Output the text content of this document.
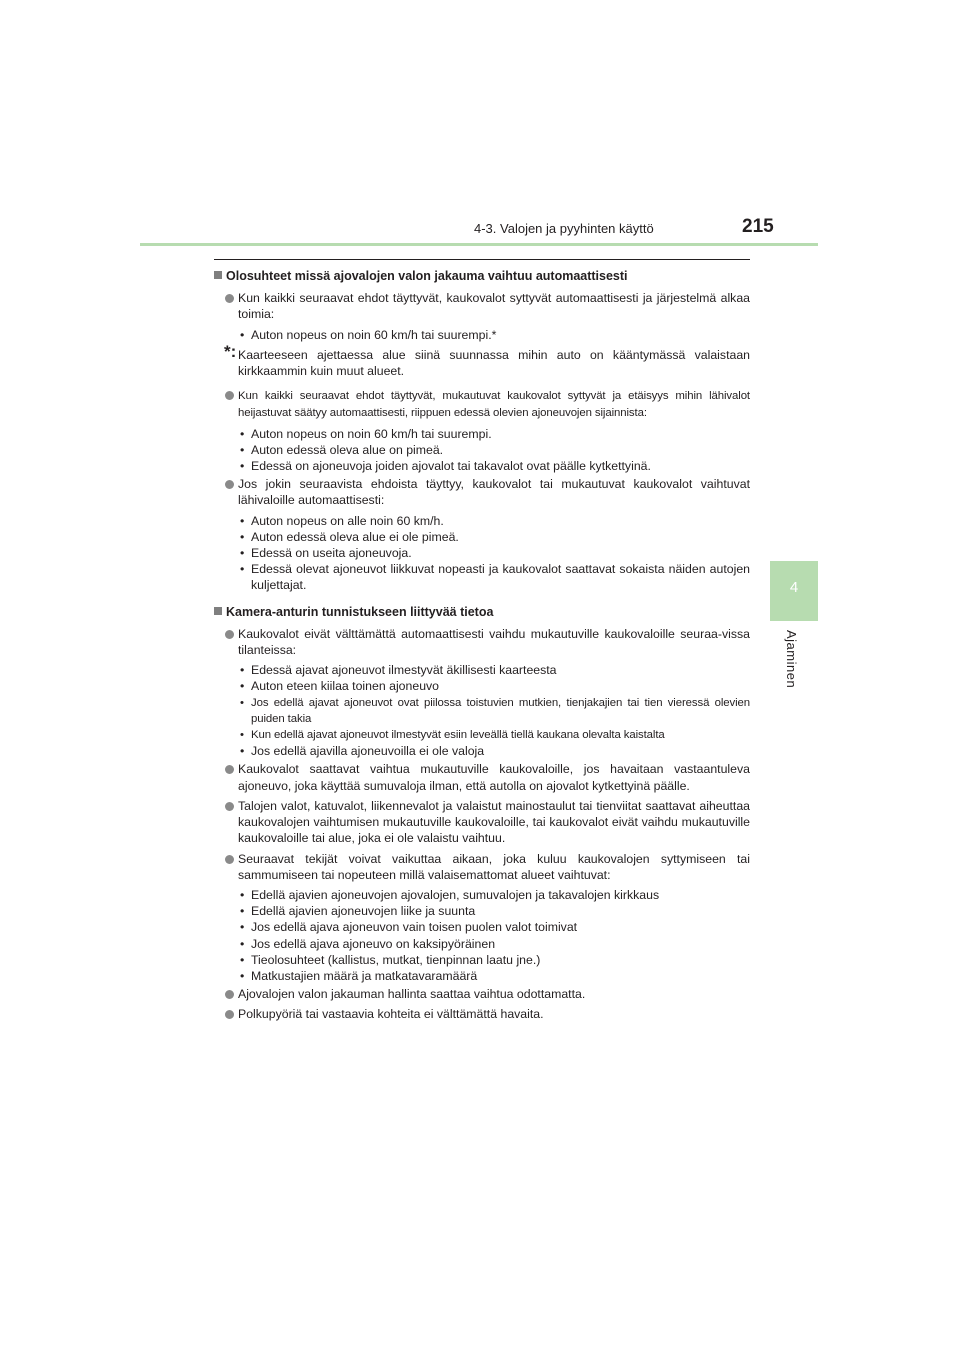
4-3. Valojen ja pyyhinten käyttö	215
4
Ajaminen
Olosuhteet missä ajovalojen valon jakauma vaihtuu automaattisesti
Kun kaikki seuraavat ehdot täyttyvät, kaukovalot syttyvät automaattisesti ja järjestelmä alkaa toimia:
• Auton nopeus on noin 60 km/h tai suurempi.*
*: Kaarteeseen ajettaessa alue siinä suunnassa mihin auto on kääntymässä valaistaan kirkkaammin kuin muut alueet.
Kun kaikki seuraavat ehdot täyttyvät, mukautuvat kaukovalot syttyvät ja etäisyys mihin lähivalot heijastuvat säätyy automaattisesti, riippuen edessä olevien ajoneuvojen sijainnista:
• Auton nopeus on noin 60 km/h tai suurempi.
• Auton edessä oleva alue on pimeä.
• Edessä on ajoneuvoja joiden ajovalot tai takavalot ovat päälle kytkettyinä.
Jos jokin seuraavista ehdoista täyttyy, kaukovalot tai mukautuvat kaukovalot vaihtuvat lähivaloille automaattisesti:
• Auton nopeus on alle noin 60 km/h.
• Auton edessä oleva alue ei ole pimeä.
• Edessä on useita ajoneuvoja.
• Edessä olevat ajoneuvot liikkuvat nopeasti ja kaukovalot saattavat sokaista näiden autojen kuljettajat.
Kamera-anturin tunnistukseen liittyvää tietoa
Kaukovalot eivät välttämättä automaattisesti vaihdu mukautuville kaukovaloille seuraa-vissa tilanteissa:
• Edessä ajavat ajoneuvot ilmestyvät äkillisesti kaarteesta
• Auton eteen kiilaa toinen ajoneuvo
• Jos edellä ajavat ajoneuvot ovat piilossa toistuvien mutkien, tienjakajien tai tien vieressä olevien puiden takia
• Kun edellä ajavat ajoneuvot ilmestyvät esiin leveällä tiellä kaukana olevalta kaistalta
• Jos edellä ajavilla ajoneuvoilla ei ole valoja
Kaukovalot saattavat vaihtua mukautuville kaukovaloille, jos havaitaan vastaantuleva ajoneuvo, joka käyttää sumuvaloja ilman, että autolla on ajovalot kytkettyinä päälle.
Talojen valot, katuvalot, liikennevalot ja valaistut mainostaulut tai tienviitat saattavat aiheuttaa kaukovalojen vaihtumisen mukautuville kaukovaloille, tai kaukovalot eivät vaihdu mukautuville kaukovaloille tai alue, joka ei ole valaistu vaihtuu.
Seuraavat tekijät voivat vaikuttaa aikaan, joka kuluu kaukovalojen syttymiseen tai sammumiseen tai nopeuteen millä valaisemattomat alueet vaihtuvat:
• Edellä ajavien ajoneuvojen ajovalojen, sumuvalojen ja takavalojen kirkkaus
• Edellä ajavien ajoneuvojen liike ja suunta
• Jos edellä ajava ajoneuvon vain toisen puolen valot toimivat
• Jos edellä ajava ajoneuvo on kaksipyöräinen
• Tieolosuhteet (kallistus, mutkat, tienpinnan laatu jne.)
• Matkustajien määrä ja matkatavaramäärä
Ajovalojen valon jakauman hallinta saattaa vaihtua odottamatta.
Polkupyöriä tai vastaavia kohteita ei välttämättä havaita.
